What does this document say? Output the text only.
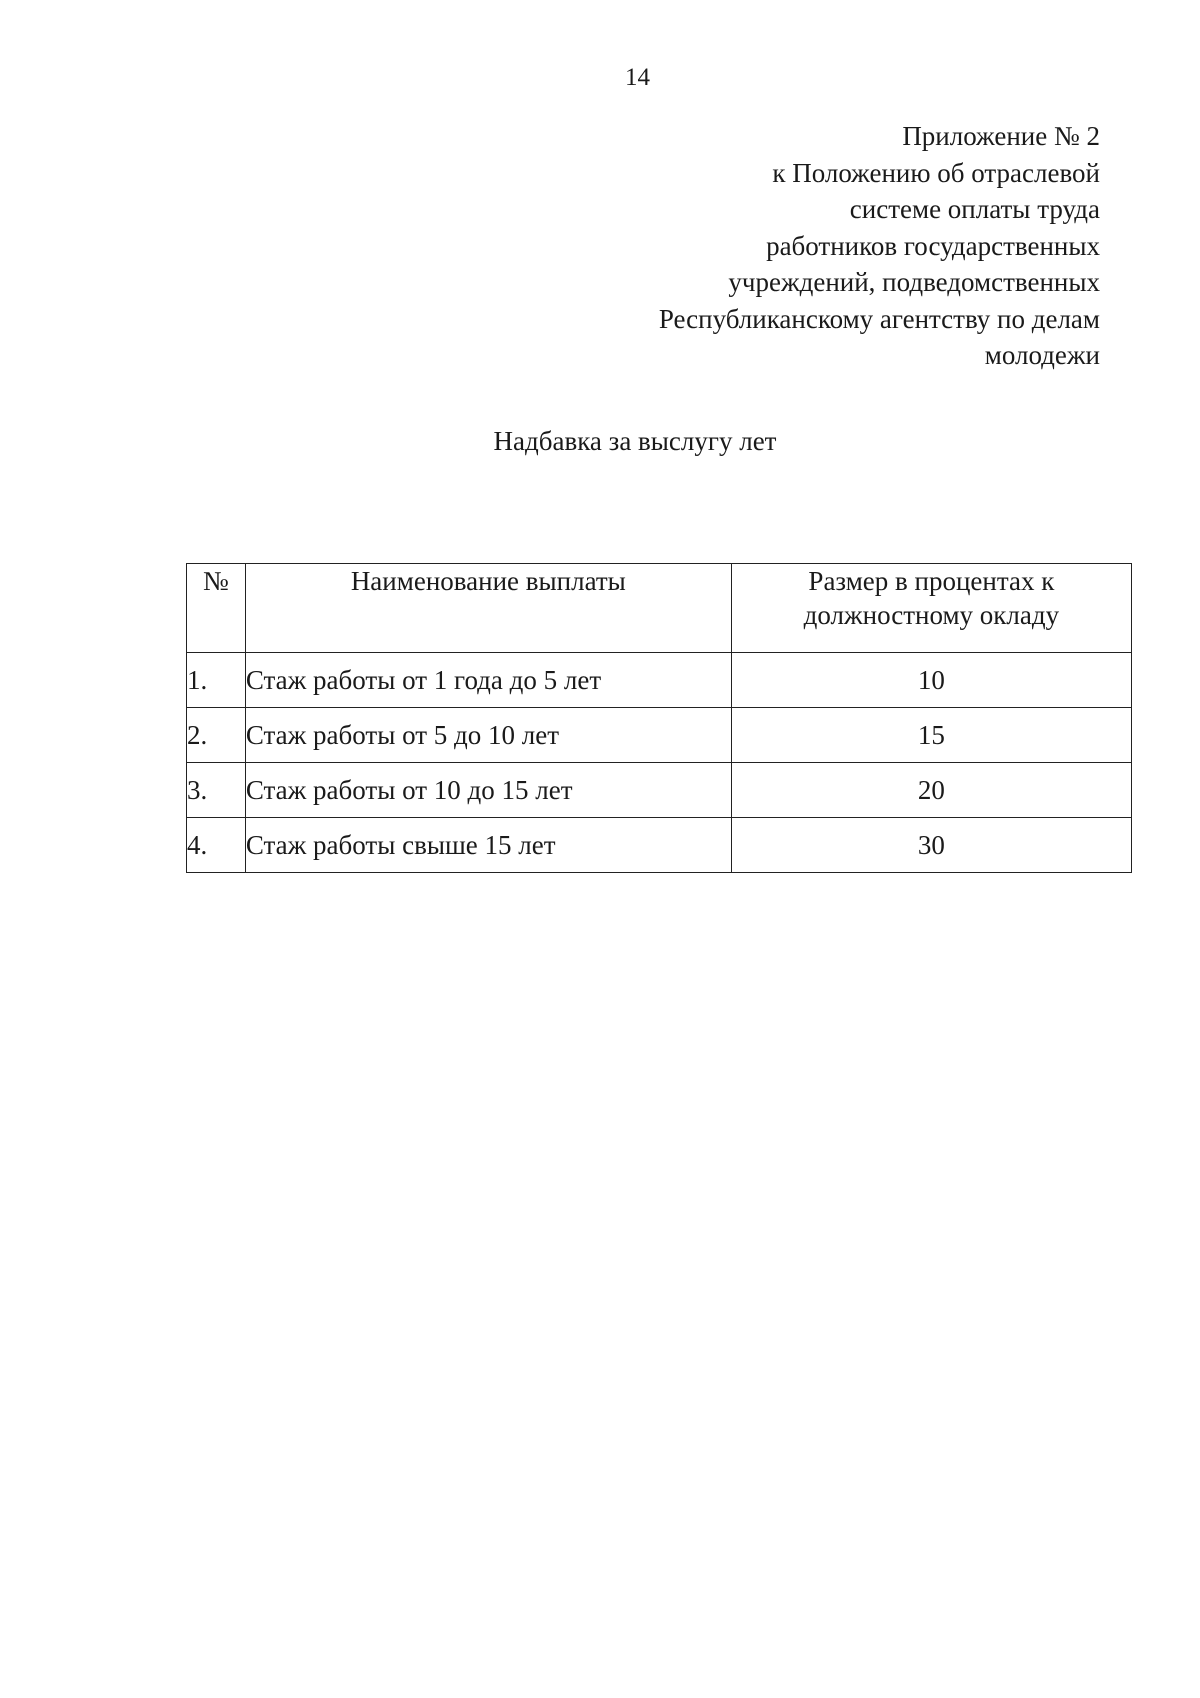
14
Приложение № 2
к Положению об отраслевой
системе оплаты труда
работников государственных
учреждений, подведомственных
Республиканскому агентству по делам
молодежи
Надбавка за выслугу лет
№	Наименование выплаты	Размер в процентах к
должностному окладу

1.	Стаж работы от 1 года до 5 лет	10
2.	Стаж работы от 5 до 10 лет	15
3.	Стаж работы от 10 до 15 лет	20
4.	Стаж работы свыше 15 лет	30
